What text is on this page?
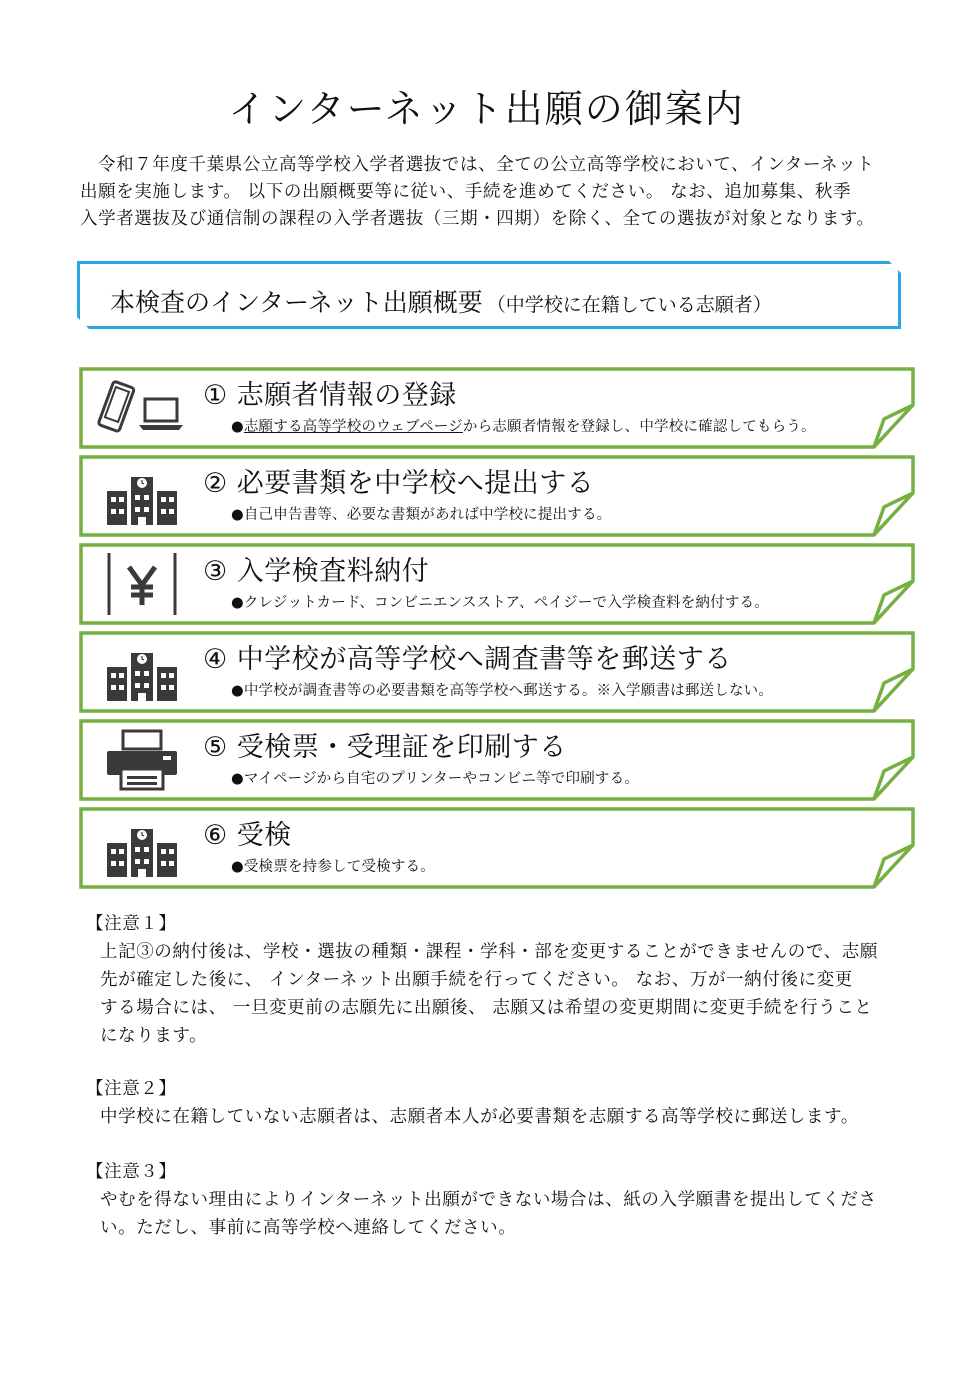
インターネット出願の御案内
令和７年度千葉県公立高等学校入学者選抜では、全ての公立高等学校において、インターネット
出願を実施します。 以下の出願概要等に従い、手続を進めてください。 なお、追加募集、秋季
入学者選抜及び通信制の課程の入学者選抜（三期・四期）を除く、全ての選抜が対象となります。
本検査のインターネット出願概要 （中学校に在籍している志願者）
① 志願者情報の登録
●志願する高等学校のウェブページから志願者情報を登録し、中学校に確認してもらう。
② 必要書類を中学校へ提出する
●自己申告書等、必要な書類があれば中学校に提出する。
③ 入学検査料納付
●クレジットカード、コンビニエンスストア、ペイジーで入学検査料を納付する。
④ 中学校が高等学校へ調査書等を郵送する
●中学校が調査書等の必要書類を高等学校へ郵送する。※入学願書は郵送しない。
⑤ 受検票・受理証を印刷する
●マイページから自宅のプリンターやコンビニ等で印刷する。
⑥ 受検
●受検票を持参して受検する。
【注意１】
上記③の納付後は、学校・選抜の種類・課程・学科・部を変更することができませんので、志願
先が確定した後に、 インターネット出願手続を行ってください。 なお、万が一納付後に変更
する場合には、 一旦変更前の志願先に出願後、 志願又は希望の変更期間に変更手続を行うこと
になります。
【注意２】
中学校に在籍していない志願者は、志願者本人が必要書類を志願する高等学校に郵送します。
【注意３】
やむを得ない理由によりインターネット出願ができない場合は、紙の入学願書を提出してくださ
い。ただし、事前に高等学校へ連絡してください。
